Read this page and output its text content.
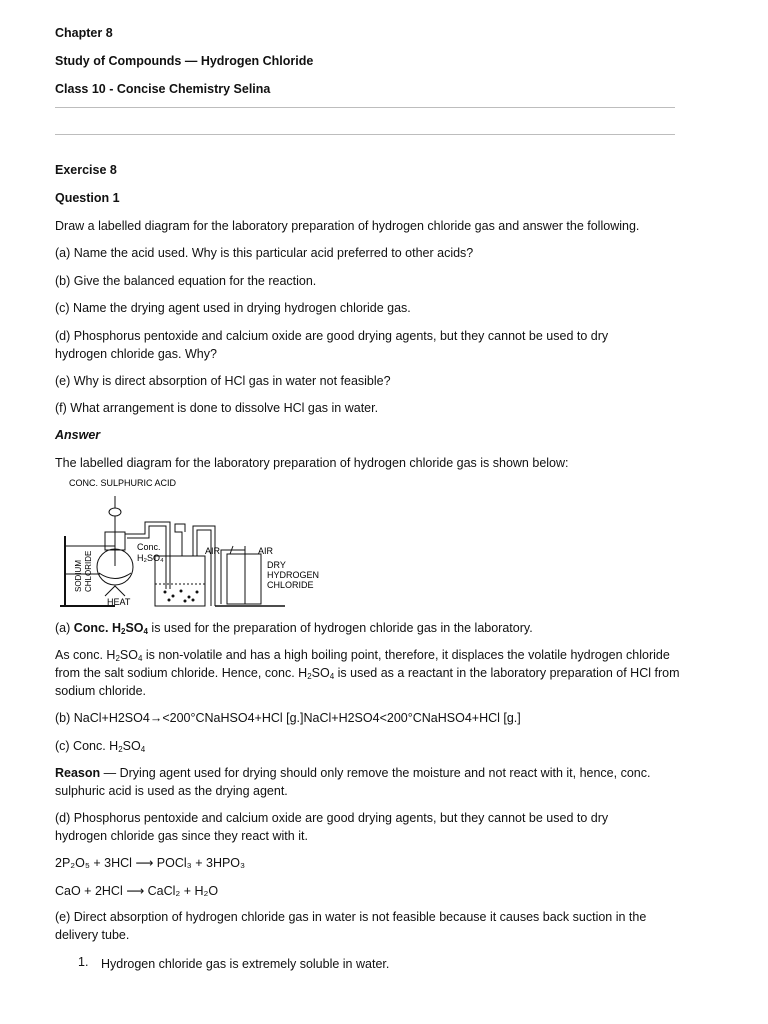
Chapter 8
Study of Compounds — Hydrogen Chloride
Class 10 - Concise Chemistry Selina
Exercise 8
Question 1
Draw a labelled diagram for the laboratory preparation of hydrogen chloride gas and answer the following.
(a) Name the acid used. Why is this particular acid preferred to other acids?
(b) Give the balanced equation for the reaction.
(c) Name the drying agent used in drying hydrogen chloride gas.
(d) Phosphorus pentoxide and calcium oxide are good drying agents, but they cannot be used to dry hydrogen chloride gas. Why?
(e) Why is direct absorption of HCl gas in water not feasible?
(f) What arrangement is done to dissolve HCl gas in water.
Answer
The labelled diagram for the laboratory preparation of hydrogen chloride gas is shown below:
CONC. SULPHURIC ACID
Conc.
H₂SO₄
AIR	AIR
DRY
HYDROGEN
CHLORIDE
SODIUM CHLORIDE
HEAT
(a) Conc. $H_2SO_4$ is used for the preparation of hydrogen chloride gas in the laboratory.
As conc. $H_2SO_4$ is non-volatile and has a high boiling point, therefore, it displaces the volatile hydrogen chloride from the salt sodium chloride. Hence, conc. $H_2SO_4$ is used as a reactant in the laboratory preparation of HCl from sodium chloride.
(b) NaCl+H2SO4→<200°CNaHSO4+HCl [g.]NaCl+H2SO4<200°CNaHSO4+HCl [g.]
(c) Conc. $H_2SO_4$
Reason — Drying agent used for drying should only remove the moisture and not react with it, hence, conc. sulphuric acid is used as the drying agent.
(d) Phosphorus pentoxide and calcium oxide are good drying agents, but they cannot be used to dry hydrogen chloride gas since they react with it.
2P₂O₅ + 3HCl ⟶ POCl₃ + 3HPO₃
CaO + 2HCl ⟶ CaCl₂ + H₂O
(e) Direct absorption of hydrogen chloride gas in water is not feasible because it causes back suction in the delivery tube.
1. Hydrogen chloride gas is extremely soluble in water.
